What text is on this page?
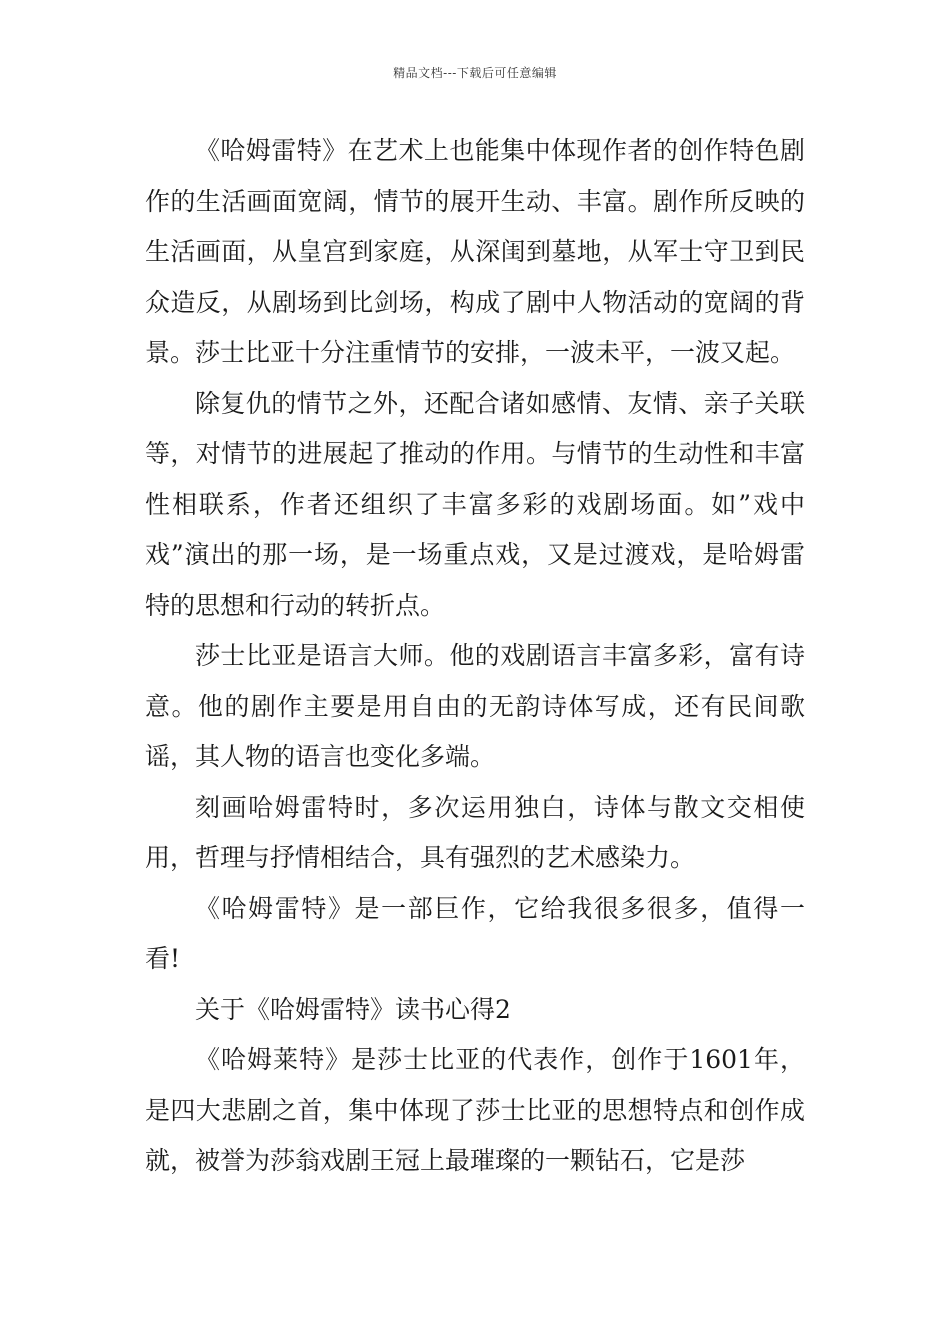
精品文档---下载后可任意编辑

《哈姆雷特》在艺术上也能集中体现作者的创作特色剧作的生活画面宽阔，情节的展开生动、丰富。剧作所反映的生活画面，从皇宫到家庭，从深闺到墓地，从军士守卫到民众造反，从剧场到比剑场，构成了剧中人物活动的宽阔的背景。莎士比亚十分注重情节的安排，一波未平，一波又起。

除复仇的情节之外，还配合诸如感情、友情、亲子关联等，对情节的进展起了推动的作用。与情节的生动性和丰富性相联系，作者还组织了丰富多彩的戏剧场面。如”戏中戏”演出的那一场，是一场重点戏，又是过渡戏，是哈姆雷特的思想和行动的转折点。

莎士比亚是语言大师。他的戏剧语言丰富多彩，富有诗意。他的剧作主要是用自由的无韵诗体写成，还有民间歌谣，其人物的语言也变化多端。

刻画哈姆雷特时，多次运用独白，诗体与散文交相使用，哲理与抒情相结合，具有强烈的艺术感染力。

《哈姆雷特》是一部巨作，它给我很多很多，值得一看!

关于《哈姆雷特》读书心得2

《哈姆莱特》是莎士比亚的代表作，创作于1601年，是四大悲剧之首，集中体现了莎士比亚的思想特点和创作成就，被誉为莎翁戏剧王冠上最璀璨的一颗钻石，它是莎
